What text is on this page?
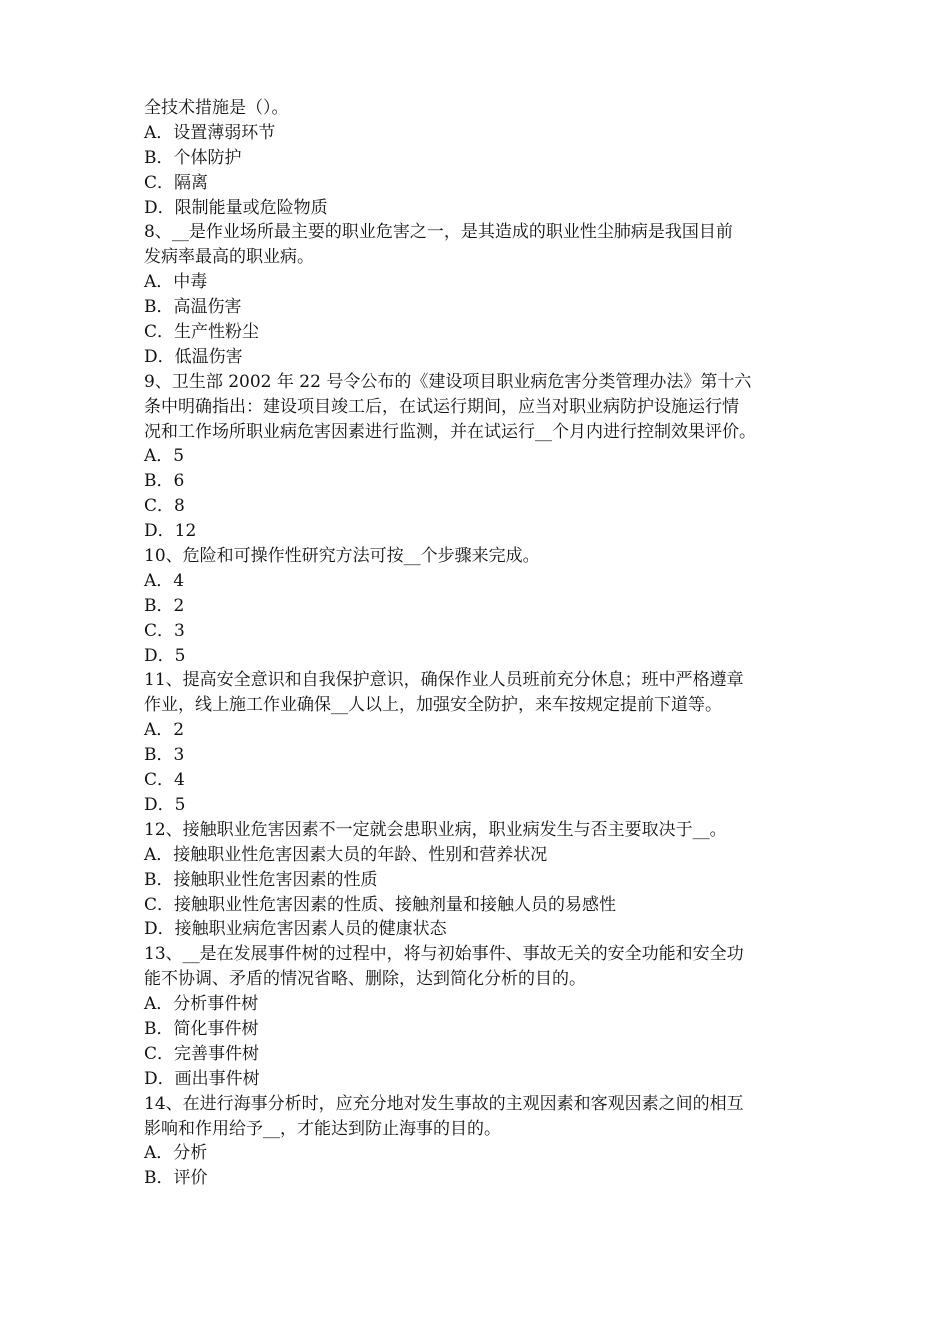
全技术措施是（）。
A．设置薄弱环节
B．个体防护
C．隔离
D．限制能量或危险物质
8、__是作业场所最主要的职业危害之一，是其造成的职业性尘肺病是我国目前
发病率最高的职业病。
A．中毒
B．高温伤害
C．生产性粉尘
D．低温伤害
9、卫生部 2002 年 22 号令公布的《建设项目职业病危害分类管理办法》第十六
条中明确指出：建设项目竣工后，在试运行期间，应当对职业病防护设施运行情
况和工作场所职业病危害因素进行监测，并在试运行__个月内进行控制效果评价。
A．5
B．6
C．8
D．12
10、危险和可操作性研究方法可按__个步骤来完成。
A．4
B．2
C．3
D．5
11、提高安全意识和自我保护意识，确保作业人员班前充分休息；班中严格遵章
作业，线上施工作业确保__人以上，加强安全防护，来车按规定提前下道等。
A．2
B．3
C．4
D．5
12、接触职业危害因素不一定就会患职业病，职业病发生与否主要取决于__。
A．接触职业性危害因素大员的年龄、性别和营养状况
B．接触职业性危害因素的性质
C．接触职业性危害因素的性质、接触剂量和接触人员的易感性
D．接触职业病危害因素人员的健康状态
13、__是在发展事件树的过程中，将与初始事件、事故无关的安全功能和安全功
能不协调、矛盾的情况省略、删除，达到简化分析的目的。
A．分析事件树
B．简化事件树
C．完善事件树
D．画出事件树
14、在进行海事分析时，应充分地对发生事故的主观因素和客观因素之间的相互
影响和作用给予__，才能达到防止海事的目的。
A．分析
B．评价
